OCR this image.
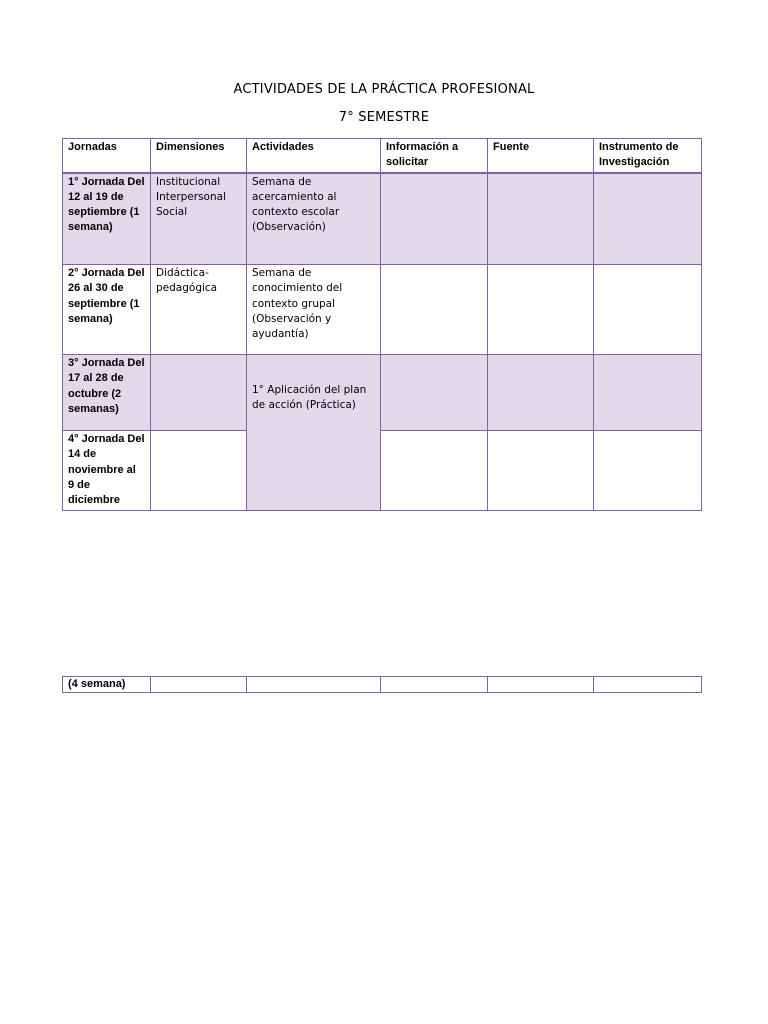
ACTIVIDADES DE LA PRÁCTICA PROFESIONAL
7° SEMESTRE
Jornadas	Dimensiones	Actividades	Información a solicitar	Fuente	Instrumento de Investigación
1° Jornada Del 12 al 19 de septiembre (1 semana)	Institucional Interpersonal Social	Semana de acercamiento al contexto escolar (Observación)			
2° Jornada Del 26 al 30 de septiembre (1 semana)	Didáctica-pedagógica	Semana de conocimiento del contexto grupal (Observación y ayudantía)			
3° Jornada Del 17 al 28 de octubre (2 semanas)		1° Aplicación del plan de acción (Práctica)			
4° Jornada Del 14 de noviembre al 9 de diciembre					
(4 semana)					
